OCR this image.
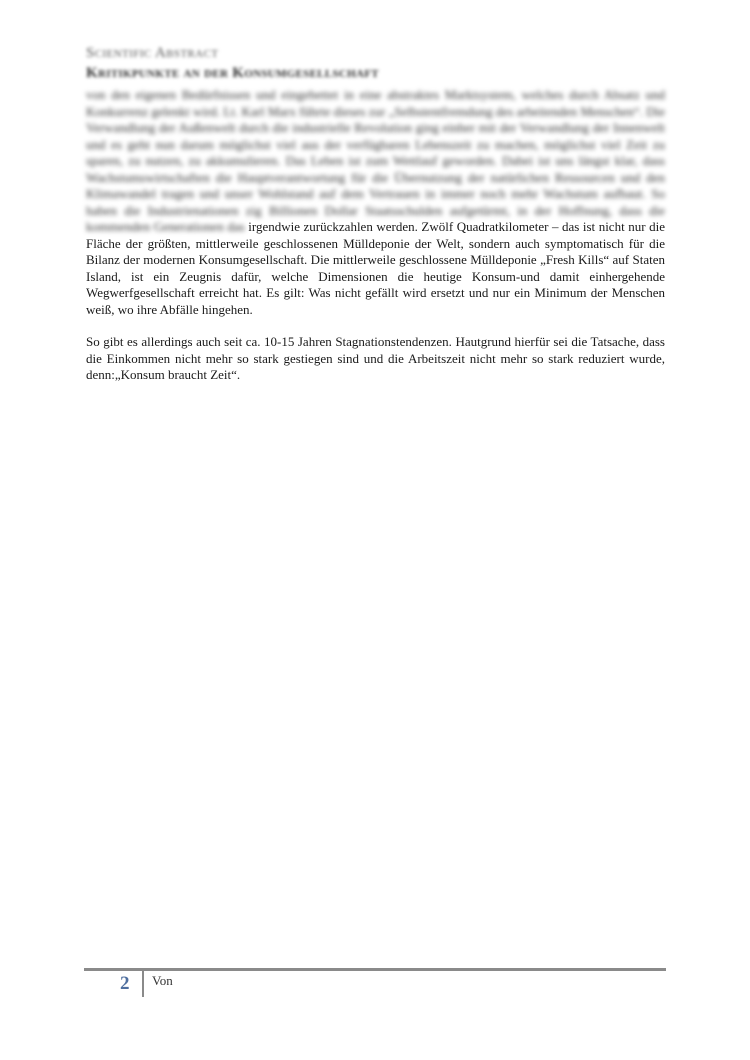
Scientific Abstract
Kritikpunkte an der Konsumgesellschaft

von den eigenen Bedürfnissen und eingebettet in eine abstraktes Marktsystem, welches durch Absatz und Konkurrenz gelenkt wird. Lt. Karl Marx führte dieses zur „Selbstentfremdung des arbeitenden Menschen“. Die Verwandlung der Außenwelt durch die industrielle Revolution ging einher mit der Verwandlung der Innenwelt und es geht nun darum möglichst viel aus der verfügbaren Lebenszeit zu machen, möglichst viel Zeit zu sparen, zu nutzen, zu akkumulieren. Das Leben ist zum Wettlauf geworden. Dabei ist uns längst klar, dass Wachstumswirtschaften die Hauptverantwortung für die Übernutzung der natürlichen Ressourcen und den Klimawandel tragen und unser Wohlstand auf dem Vertrauen in immer noch mehr Wachstum aufbaut. So haben die Industrienationen zig Billionen Dollar Staatsschulden aufgetürmt, in der Hoffnung, dass die kommenden Generationen das irgendwie zurückzahlen werden. Zwölf Quadratkilometer – das ist nicht nur die Fläche der größten, mittlerweile geschlossenen Mülldeponie der Welt, sondern auch symptomatisch für die Bilanz der modernen Konsumgesellschaft. Die mittlerweile geschlossene Mülldeponie „Fresh Kills“ auf Staten Island, ist ein Zeugnis dafür, welche Dimensionen die heutige Konsum-und damit einhergehende Wegwerfgesellschaft erreicht hat. Es gilt: Was nicht gefällt wird ersetzt und nur ein Minimum der Menschen weiß, wo ihre Abfälle hingehen.

So gibt es allerdings auch seit ca. 10-15 Jahren Stagnationstendenzen. Hautgrund hierfür sei die Tatsache, dass die Einkommen nicht mehr so stark gestiegen sind und die Arbeitszeit nicht mehr so stark reduziert wurde, denn:„Konsum braucht Zeit“.

2 Von
